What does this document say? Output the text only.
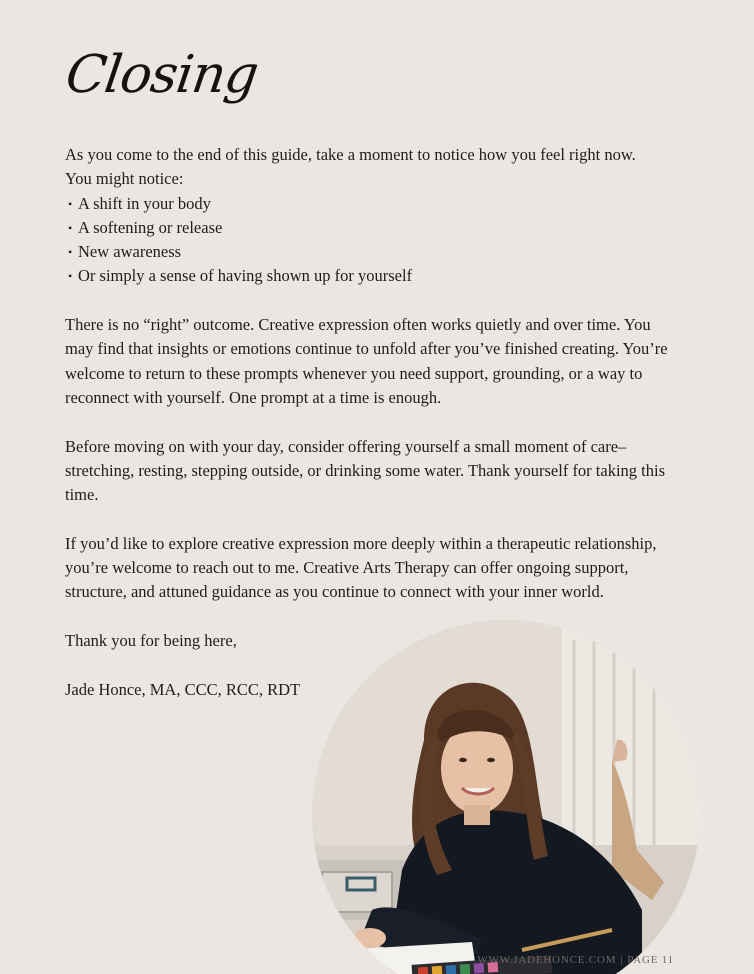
Closing

As you come to the end of this guide, take a moment to notice how you feel right now.
You might notice:

• A shift in your body
• A softening or release
• New awareness
• Or simply a sense of having shown up for yourself

There is no “right” outcome. Creative expression often works quietly and over time. You may find that insights or emotions continue to unfold after you’ve finished creating. You’re welcome to return to these prompts whenever you need support, grounding, or a way to reconnect with yourself. One prompt at a time is enough.

Before moving on with your day, consider offering yourself a small moment of care– stretching, resting, stepping outside, or drinking some water. Thank yourself for taking this time.

If you’d like to explore creative expression more deeply within a therapeutic relationship, you’re welcome to reach out to me. Creative Arts Therapy can offer ongoing support, structure, and attuned guidance as you continue to connect with your inner world.

Thank you for being here,

Jade Honce, MA, CCC, RCC, RDT

WWW.JADEHONCE.COM | PAGE 11
